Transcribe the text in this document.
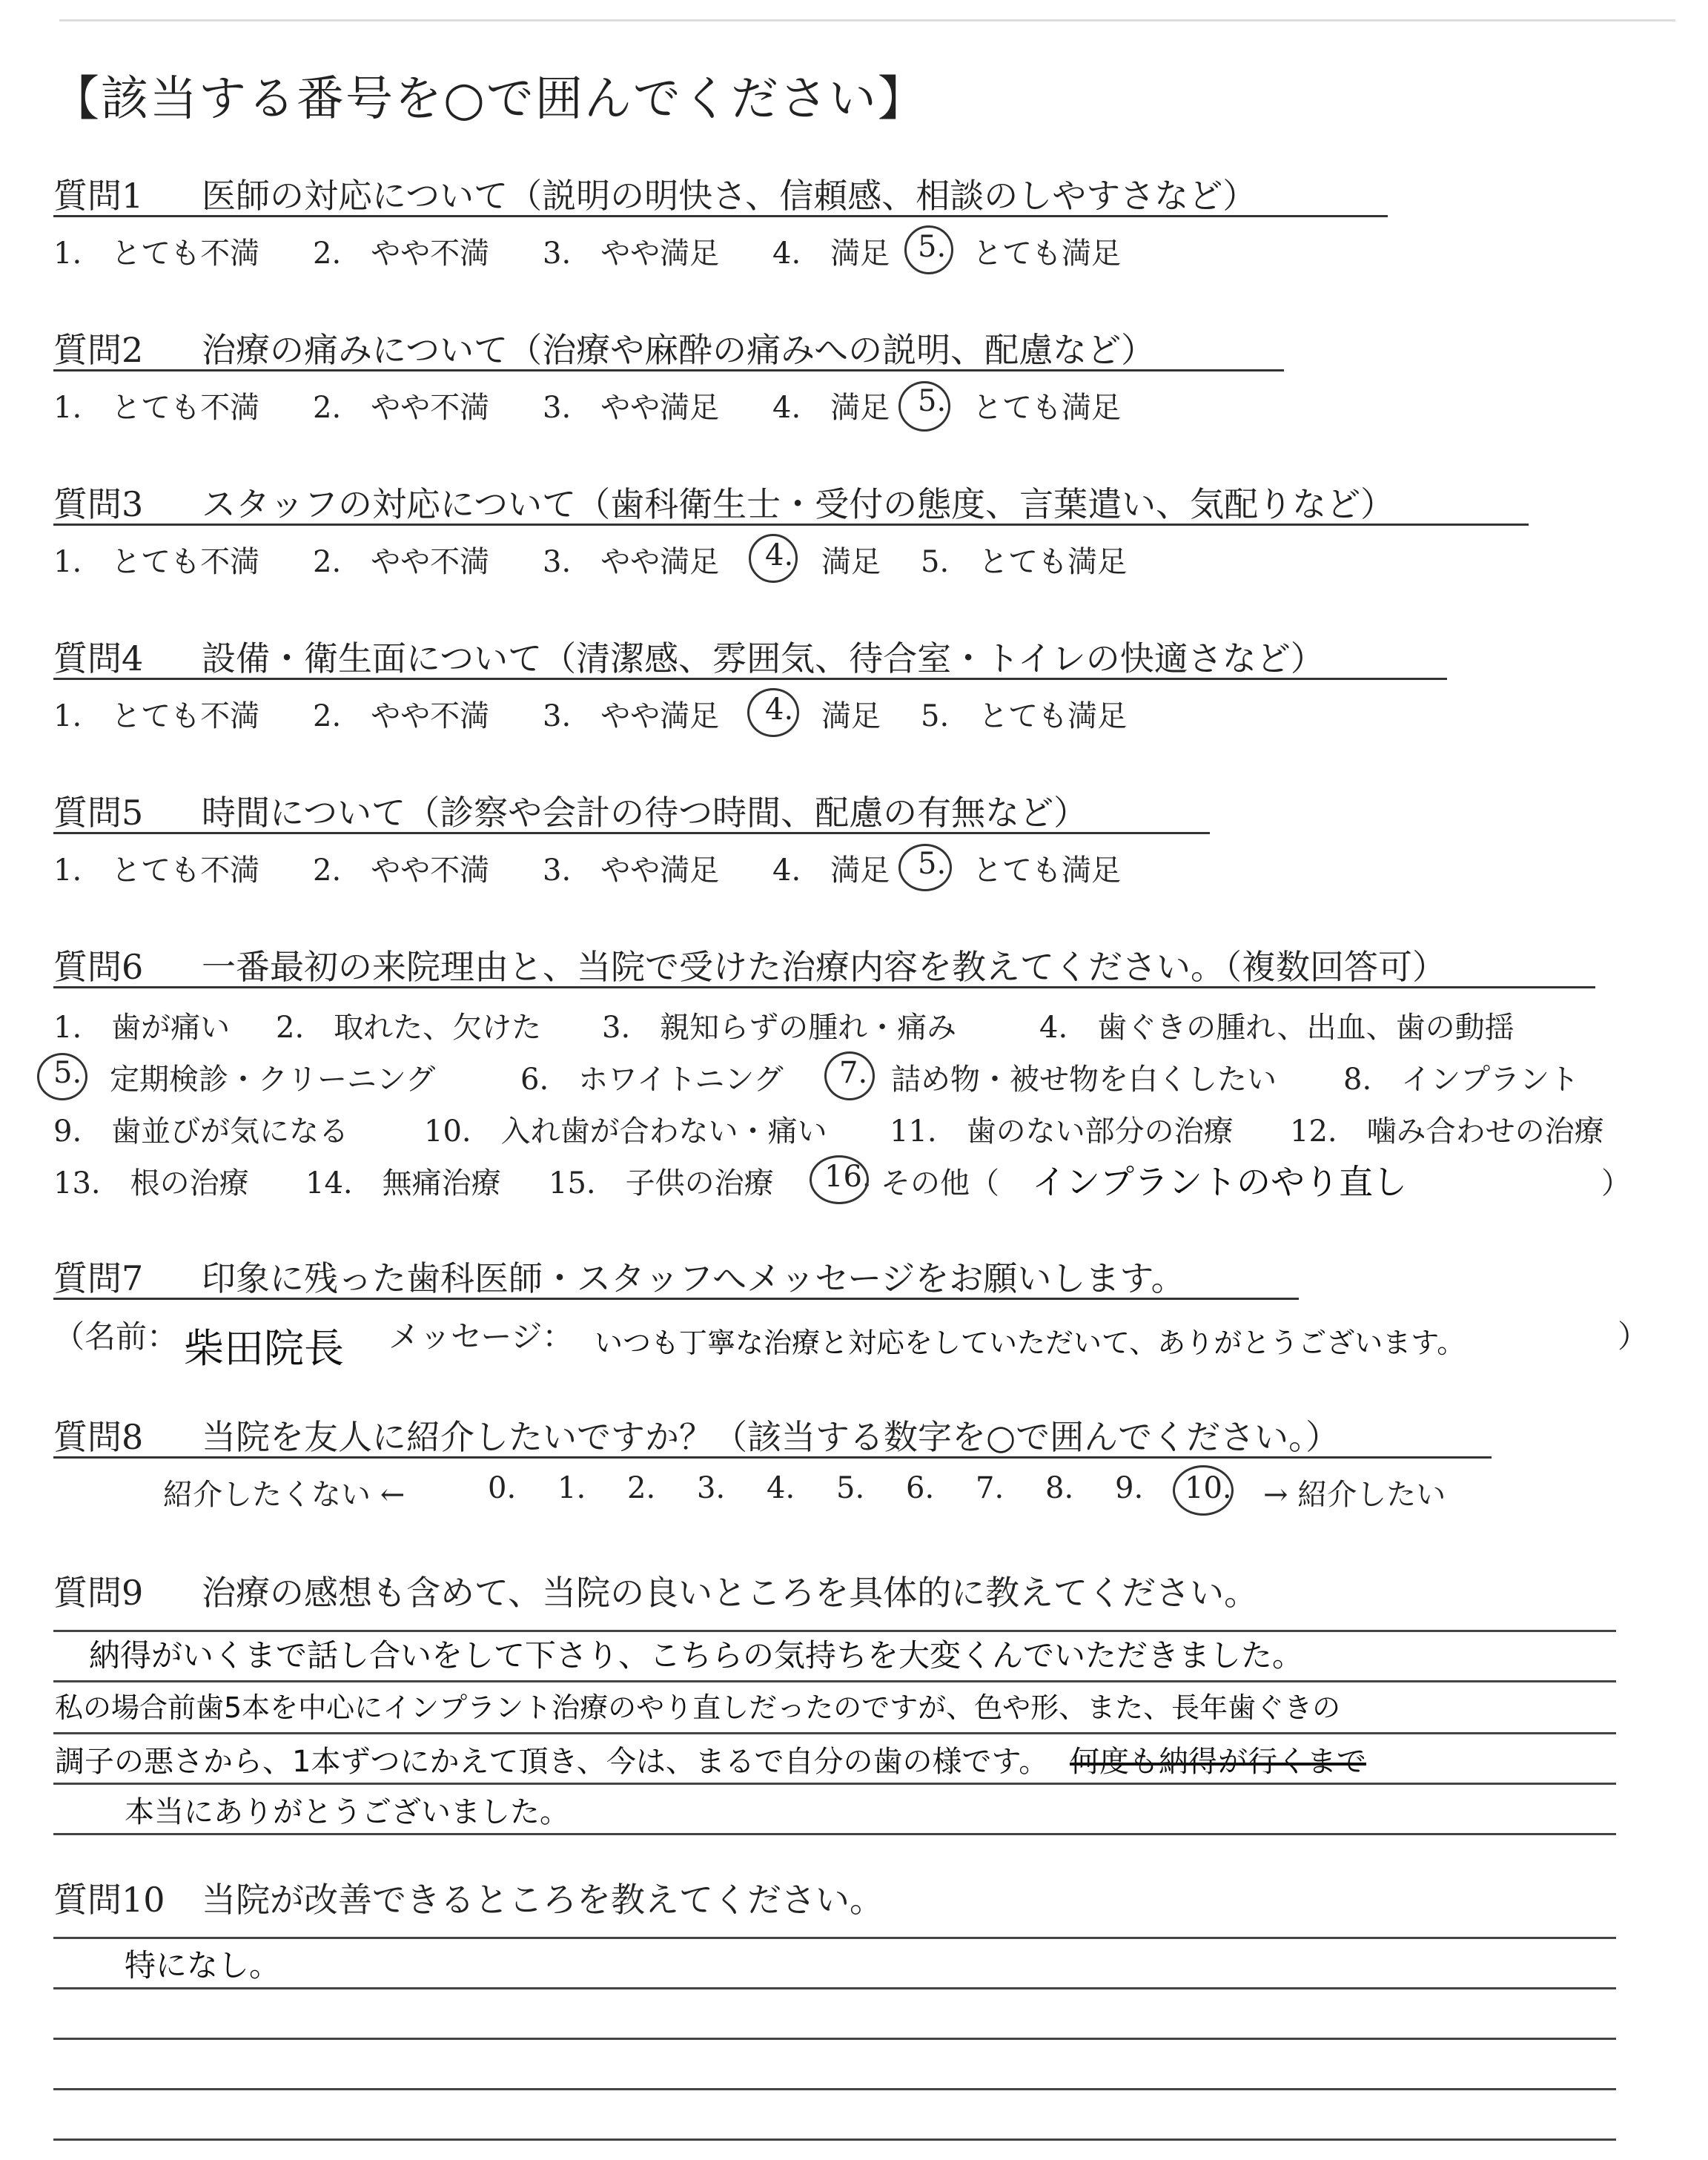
【該当する番号を○で囲んでください】
質問1 医師の対応について（説明の明快さ、信頼感、相談のしやすさなど）
1.　とても不満 2.　やや不満 3.　やや満足 4.　満足 5. とても満足
質問2 治療の痛みについて（治療や麻酔の痛みへの説明、配慮など）
1.　とても不満 2.　やや不満 3.　やや満足 4.　満足 5. とても満足
質問3 スタッフの対応について（歯科衛生士・受付の態度、言葉遣い、気配りなど）
1.　とても不満 2.　やや不満 3.　やや満足 4. 満足 5.　とても満足
質問4 設備・衛生面について（清潔感、雰囲気、待合室・トイレの快適さなど）
1.　とても不満 2.　やや不満 3.　やや満足 4. 満足 5.　とても満足
質問5 時間について（診察や会計の待つ時間、配慮の有無など）
1.　とても不満 2.　やや不満 3.　やや満足 4.　満足 5. とても満足
質問6 一番最初の来院理由と、当院で受けた治療内容を教えてください。（複数回答可）
1.　歯が痛い 2.　取れた、欠けた 3.　親知らずの腫れ・痛み	4.　歯ぐきの腫れ、出血、歯の動揺
5. 定期検診・クリーニング	6.　ホワイトニング 7. 詰め物・被せ物を白くしたい 8.　インプラント
9.　歯並びが気になる	10.　入れ歯が合わない・痛い 11.　歯のない部分の治療 12.　噛み合わせの治療
13.　根の治療 14.　無痛治療 15.　子供の治療 16. その他（ インプラントのやり直し	）
質問7 印象に残った歯科医師・スタッフへメッセージをお願いします。
（名前： 柴田院長 メッセージ： いつも丁寧な治療と対応をしていただいて、ありがとうございます。	）
質問8 当院を友人に紹介したいですか？（該当する数字を○で囲んでください。）
紹介したくない ←	0. 1. 2. 3. 4. 5. 6. 7. 8. 9. 10. → 紹介したい
質問9 治療の感想も含めて、当院の良いところを具体的に教えてください。
納得がいくまで話し合いをして下さり、こちらの気持ちを大変くんでいただきました。
私の場合前歯5本を中心にインプラント治療のやり直しだったのですが、色や形、また、長年歯ぐきの
調子の悪さから、1本ずつにかえて頂き、今は、まるで自分の歯の様です。 何度も納得が行くまで
本当にありがとうございました。
質問10 当院が改善できるところを教えてください。
特になし。
